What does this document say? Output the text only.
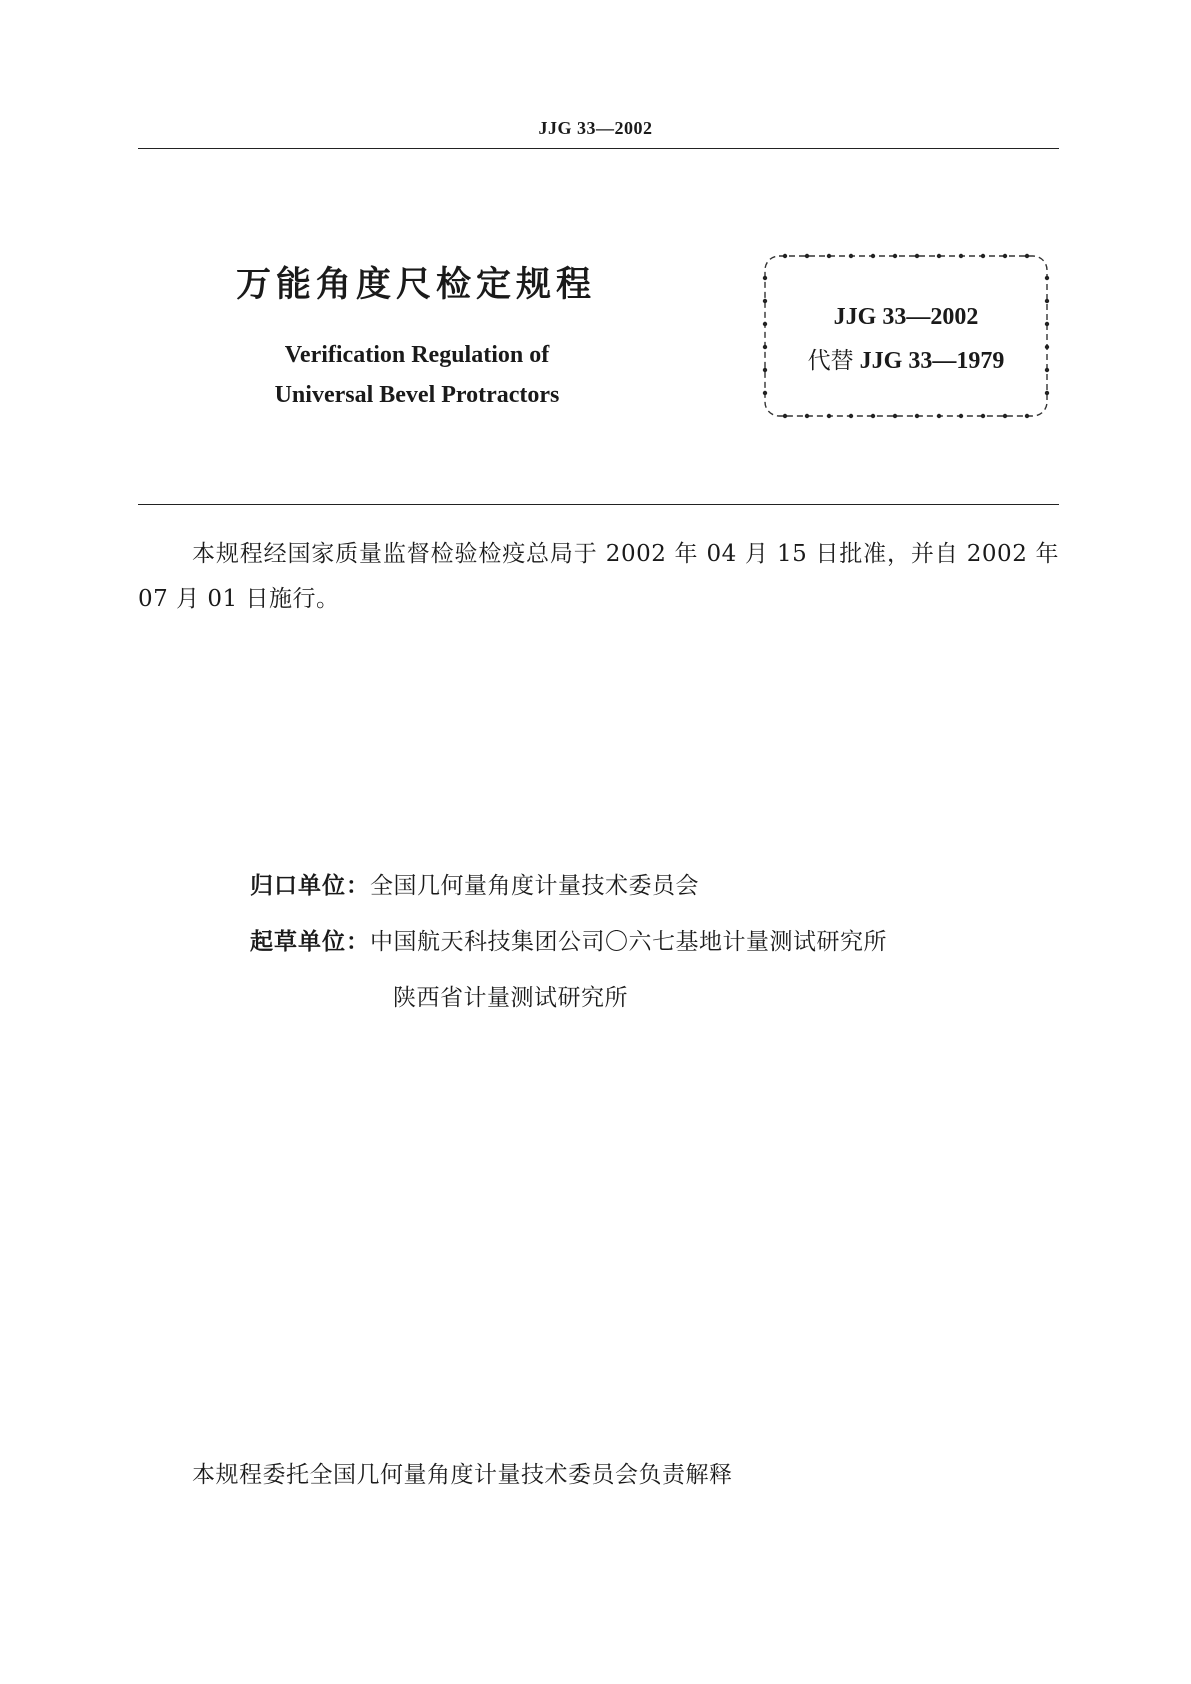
JJG 33—2002
万能角度尺检定规程
Verification Regulation of
Universal Bevel Protractors
JJG 33—2002
代替 JJG 33—1979
本规程经国家质量监督检验检疫总局于 2002 年 04 月 15 日批准，并自 2002 年 07 月 01 日施行。
归口单位：全国几何量角度计量技术委员会
起草单位：中国航天科技集团公司〇六七基地计量测试研究所
陕西省计量测试研究所
本规程委托全国几何量角度计量技术委员会负责解释
